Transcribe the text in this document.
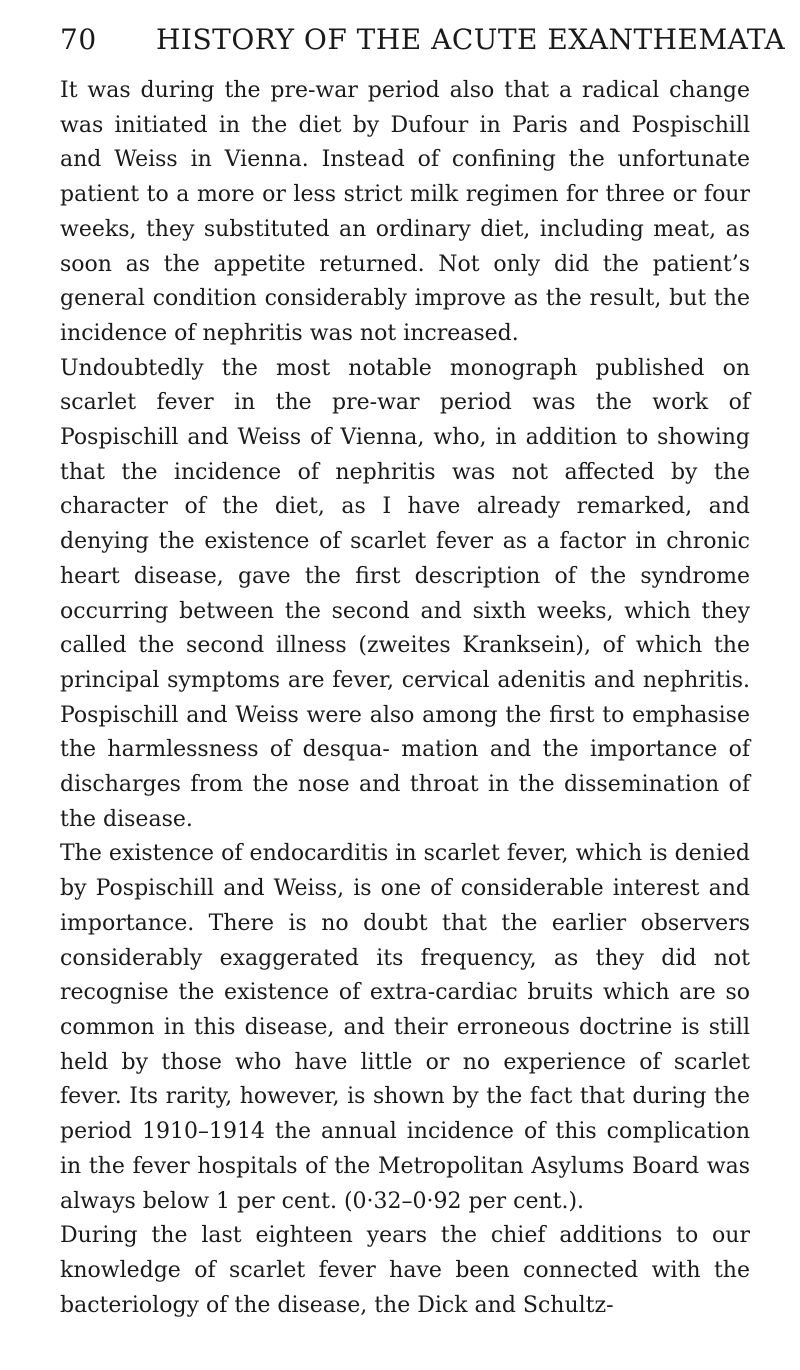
70	HISTORY OF THE ACUTE EXANTHEMATA

It was during the pre-war period also that a radical change was initiated in the diet by Dufour in Paris and Pospischill and Weiss in Vienna. Instead of confining the unfortunate patient to a more or less strict milk regimen for three or four weeks, they substituted an ordinary diet, including meat, as soon as the appetite returned. Not only did the patient’s general condition considerably improve as the result, but the incidence of nephritis was not increased.

Undoubtedly the most notable monograph published on scarlet fever in the pre-war period was the work of Pospischill and Weiss of Vienna, who, in addition to showing that the incidence of nephritis was not affected by the character of the diet, as I have already remarked, and denying the existence of scarlet fever as a factor in chronic heart disease, gave the first description of the syndrome occurring between the second and sixth weeks, which they called the second illness (zweites Kranksein), of which the principal symptoms are fever, cervical adenitis and nephritis. Pospischill and Weiss were also among the first to emphasise the harmlessness of desqua- mation and the importance of discharges from the nose and throat in the dissemination of the disease.

The existence of endocarditis in scarlet fever, which is denied by Pospischill and Weiss, is one of considerable interest and importance. There is no doubt that the earlier observers considerably exaggerated its frequency, as they did not recognise the existence of extra-cardiac bruits which are so common in this disease, and their erroneous doctrine is still held by those who have little or no experience of scarlet fever. Its rarity, however, is shown by the fact that during the period 1910–1914 the annual incidence of this complication in the fever hospitals of the Metropolitan Asylums Board was always below 1 per cent. (0·32–0·92 per cent.).

During the last eighteen years the chief additions to our knowledge of scarlet fever have been connected with the bacteriology of the disease, the Dick and Schultz-
